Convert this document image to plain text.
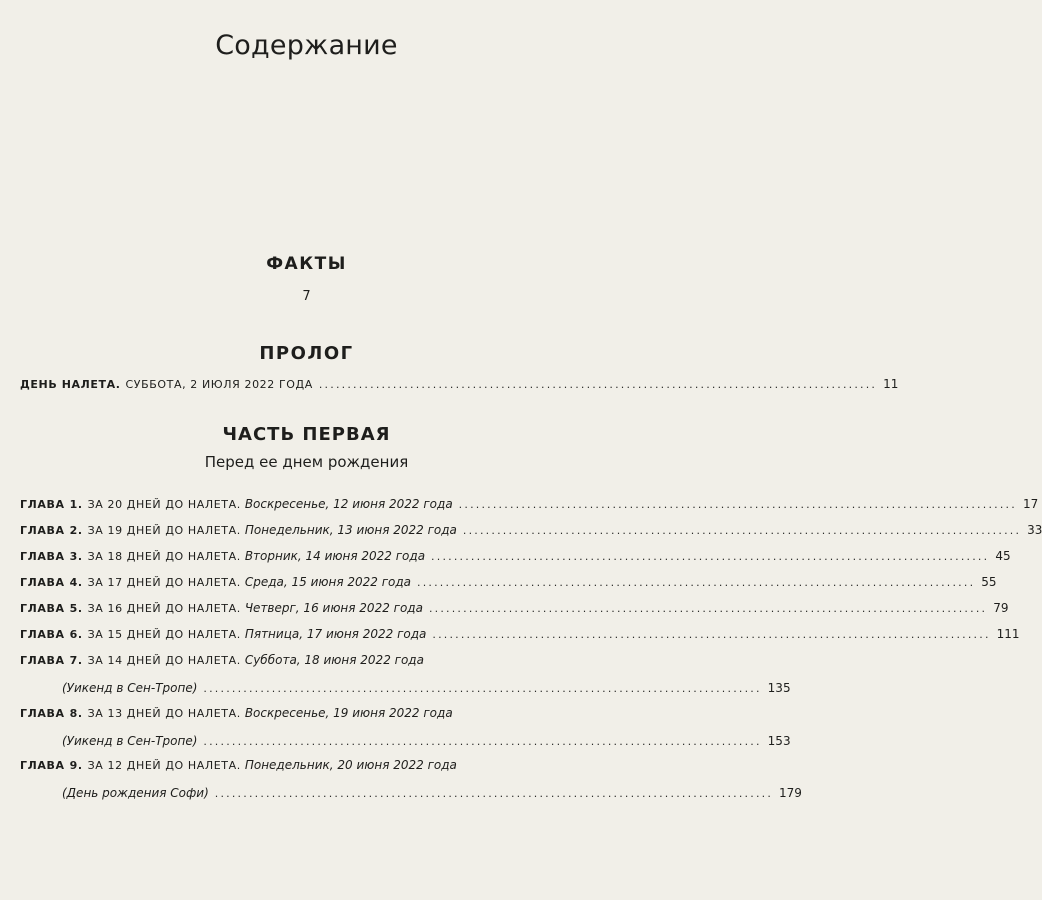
Содержание
ФАКТЫ
7
ПРОЛОГ
ДЕНЬ НАЛЕТА. СУББОТА, 2 ИЮЛЯ 2022 ГОДА .................................................................................................. 11
ЧАСТЬ ПЕРВАЯ
Перед ее днем рождения
ГЛАВА 1. ЗА 20 ДНЕЙ ДО НАЛЕТА. Воскресенье, 12 июня 2022 года .................................................................................................. 17
ГЛАВА 2. ЗА 19 ДНЕЙ ДО НАЛЕТА. Понедельник, 13 июня 2022 года .................................................................................................. 33
ГЛАВА 3. ЗА 18 ДНЕЙ ДО НАЛЕТА. Вторник, 14 июня 2022 года .................................................................................................. 45
ГЛАВА 4. ЗА 17 ДНЕЙ ДО НАЛЕТА. Среда, 15 июня 2022 года .................................................................................................. 55
ГЛАВА 5. ЗА 16 ДНЕЙ ДО НАЛЕТА. Четверг, 16 июня 2022 года .................................................................................................. 79
ГЛАВА 6. ЗА 15 ДНЕЙ ДО НАЛЕТА. Пятница, 17 июня 2022 года .................................................................................................. 111
ГЛАВА 7. ЗА 14 ДНЕЙ ДО НАЛЕТА. Суббота, 18 июня 2022 года
(Уикенд в Сен-Тропе) .................................................................................................. 135
ГЛАВА 8. ЗА 13 ДНЕЙ ДО НАЛЕТА. Воскресенье, 19 июня 2022 года
(Уикенд в Сен-Тропе) .................................................................................................. 153
ГЛАВА 9. ЗА 12 ДНЕЙ ДО НАЛЕТА. Понедельник, 20 июня 2022 года
(День рождения Софи) .................................................................................................. 179
